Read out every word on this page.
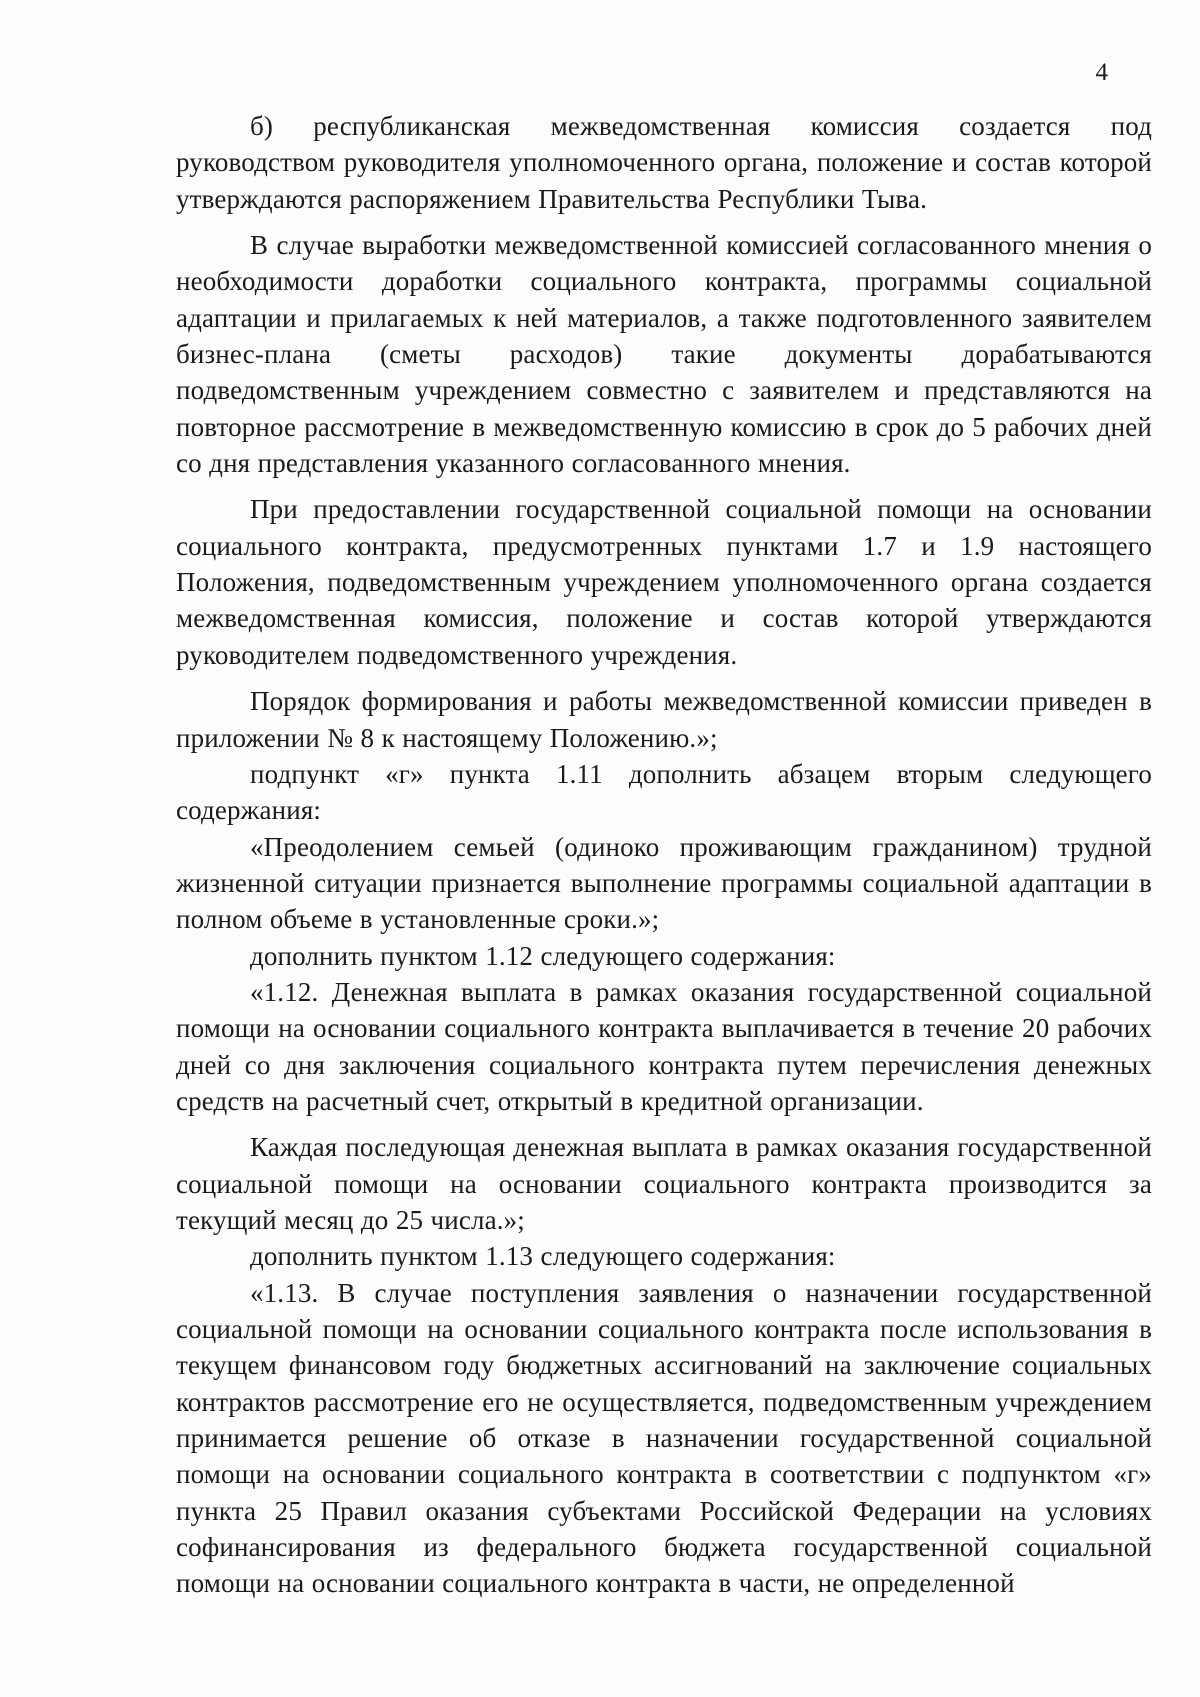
4

б) республиканская межведомственная комиссия создается под руководством руководителя уполномоченного органа, положение и состав которой утверждаются распоряжением Правительства Республики Тыва.

В случае выработки межведомственной комиссией согласованного мнения о необходимости доработки социального контракта, программы социальной адаптации и прилагаемых к ней материалов, а также подготовленного заявителем бизнес-плана (сметы расходов) такие документы дорабатываются подведомственным учреждением совместно с заявителем и представляются на повторное рассмотрение в межведомственную комиссию в срок до 5 рабочих дней со дня представления указанного согласованного мнения.

При предоставлении государственной социальной помощи на основании социального контракта, предусмотренных пунктами 1.7 и 1.9 настоящего Положения, подведомственным учреждением уполномоченного органа создается межведомственная комиссия, положение и состав которой утверждаются руководителем подведомственного учреждения.

Порядок формирования и работы межведомственной комиссии приведен в приложении № 8 к настоящему Положению.»;

подпункт «г» пункта 1.11 дополнить абзацем вторым следующего содержания:

«Преодолением семьей (одиноко проживающим гражданином) трудной жизненной ситуации признается выполнение программы социальной адаптации в полном объеме в установленные сроки.»;

дополнить пунктом 1.12 следующего содержания:

«1.12. Денежная выплата в рамках оказания государственной социальной помощи на основании социального контракта выплачивается в течение 20 рабочих дней со дня заключения социального контракта путем перечисления денежных средств на расчетный счет, открытый в кредитной организации.

Каждая последующая денежная выплата в рамках оказания государственной социальной помощи на основании социального контракта производится за текущий месяц до 25 числа.»;

дополнить пунктом 1.13 следующего содержания:

«1.13. В случае поступления заявления о назначении государственной социальной помощи на основании социального контракта после использования в текущем финансовом году бюджетных ассигнований на заключение социальных контрактов рассмотрение его не осуществляется, подведомственным учреждением принимается решение об отказе в назначении государственной социальной помощи на основании социального контракта в соответствии с подпунктом «г» пункта 25 Правил оказания субъектами Российской Федерации на условиях софинансирования из федерального бюджета государственной социальной помощи на основании социального контракта в части, не определенной
